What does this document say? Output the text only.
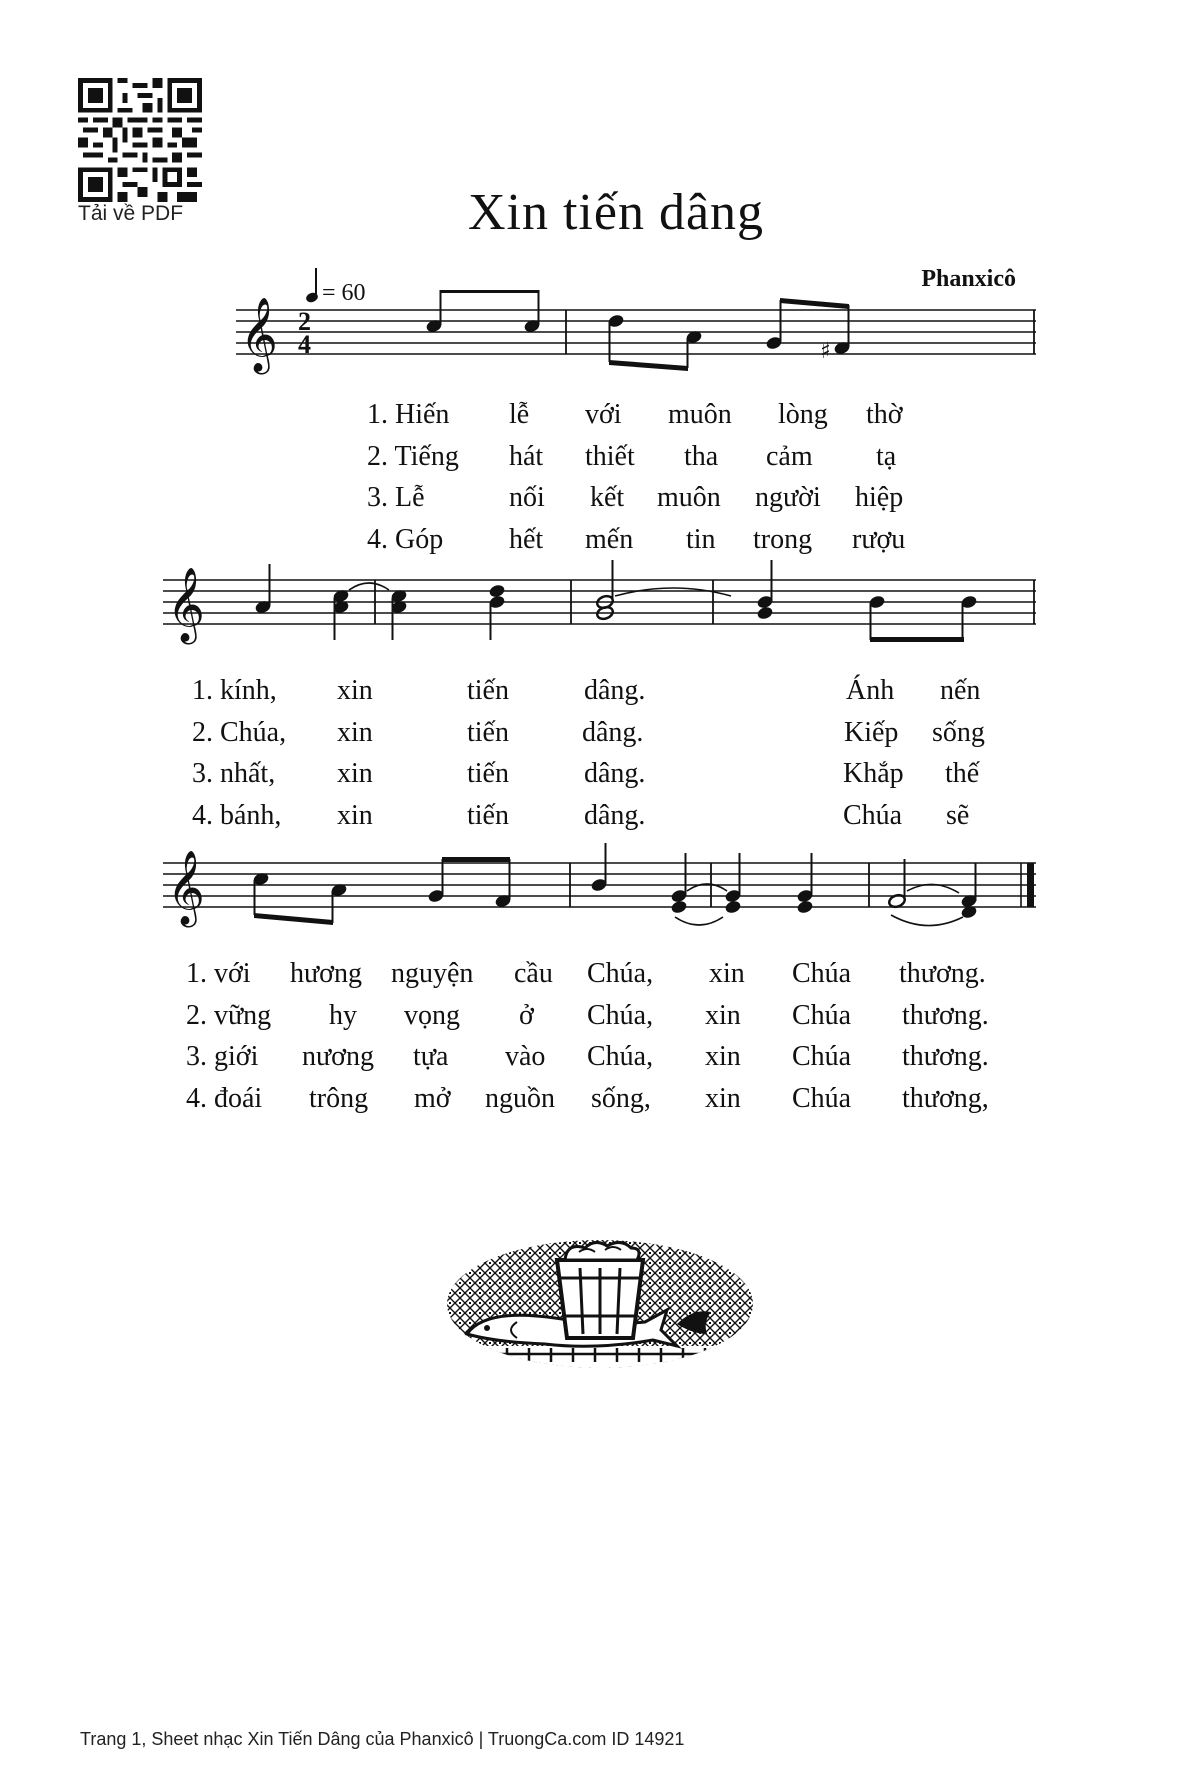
Tải về PDF	Xin tiến dâng
Phanxicô
= 60
𝄞 2
4	♯
1. Hiến lễ với muôn lòng thờ
2. Tiếng hát thiết tha cảm tạ
3. Lễ	nối kết muôn người hiệp
4. Góp hết mến tin trong rượu
𝄞
1. kính, xin	tiến	dâng.	Ánh nến
2. Chúa, xin	tiến	dâng.	Kiếp sống
3. nhất, xin	tiến	dâng.	Khắp thế
4. bánh, xin	tiến	dâng.	Chúa sẽ
𝄞
1. với hương nguyện cầu Chúa, xin Chúa thương.
2. vững hy vọng ở Chúa, xin Chúa thương.
3. giới nương tựa vào Chúa, xin Chúa thương.
4. đoái trông mở nguồn sống, xin Chúa thương,
Trang 1, Sheet nhạc Xin Tiến Dâng của Phanxicô | TruongCa.com ID 14921
